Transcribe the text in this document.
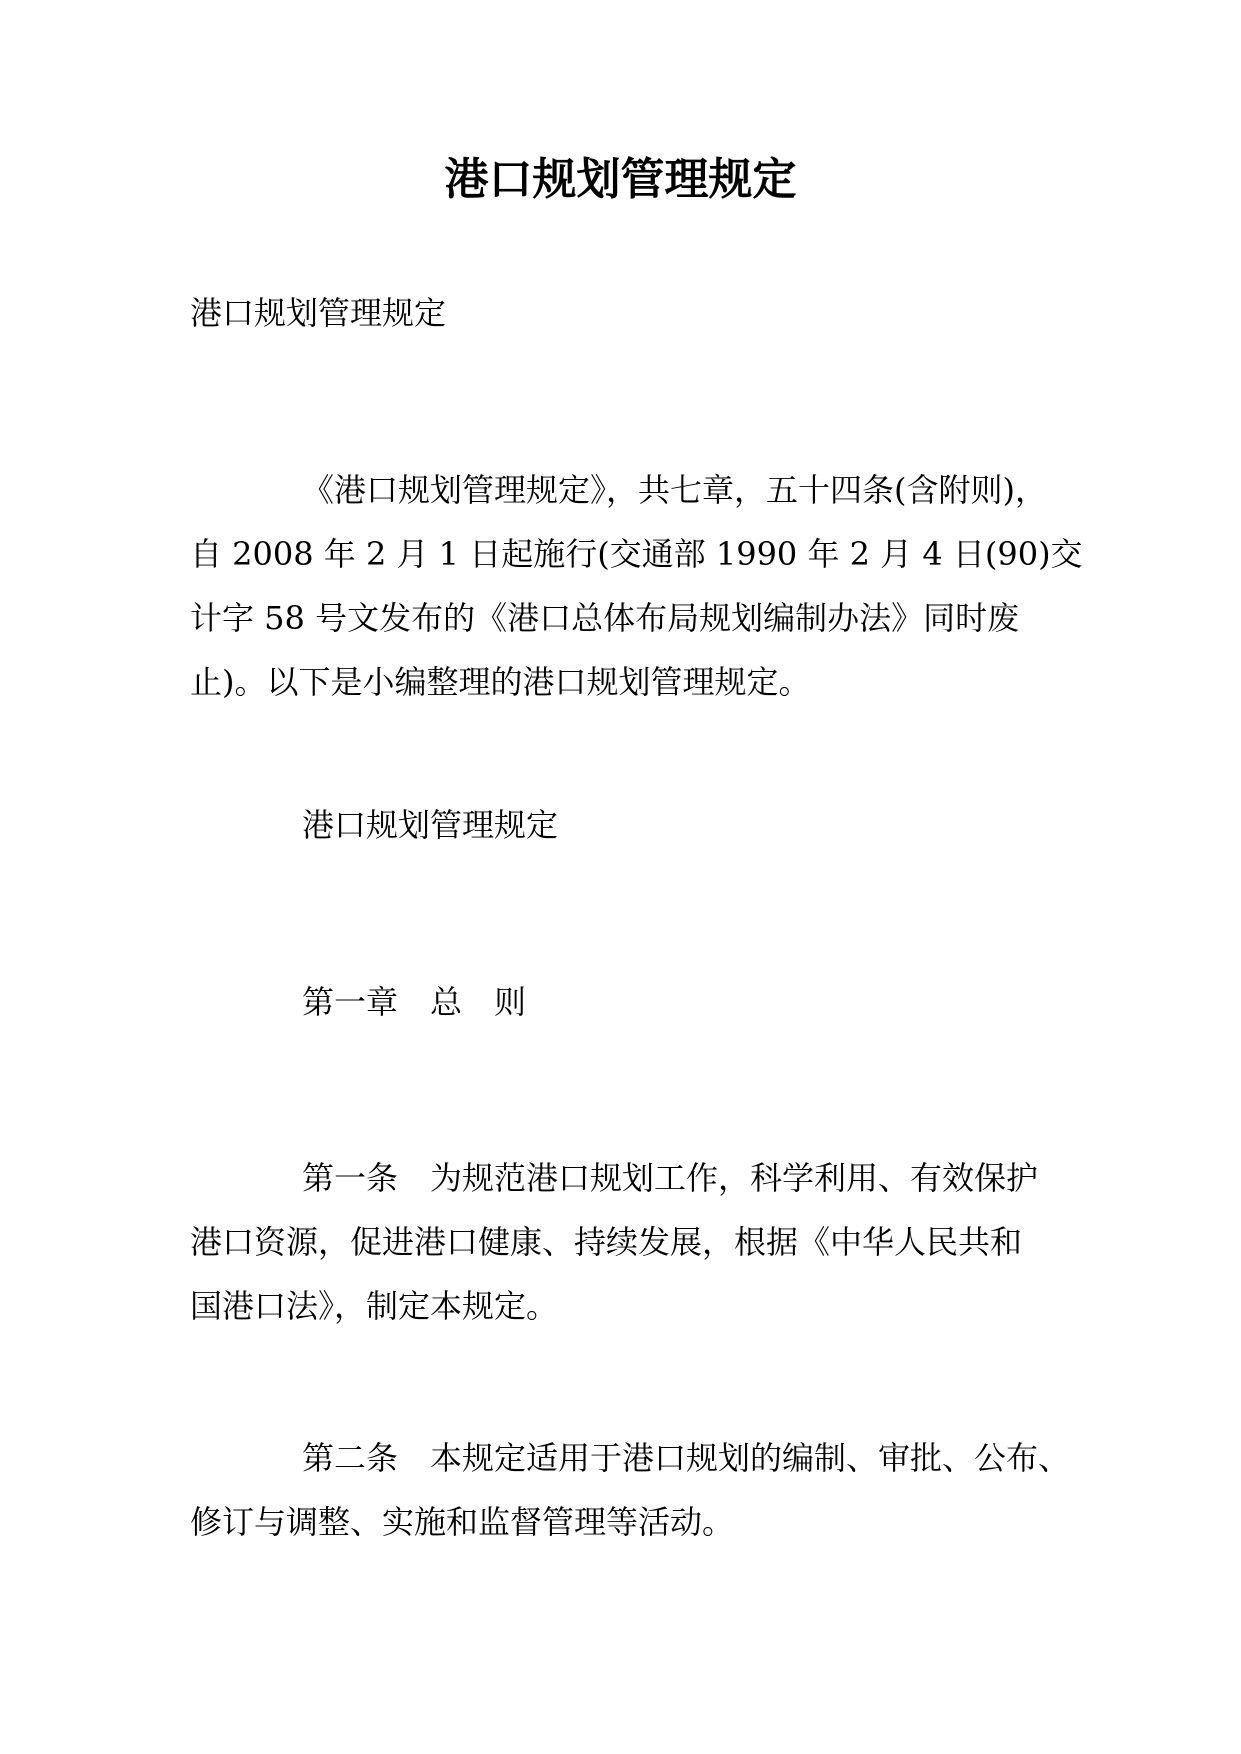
港口规划管理规定
港口规划管理规定
《港口规划管理规定》，共七章，五十四条(含附则)，
自 2008 年 2 月 1 日起施行(交通部 1990 年 2 月 4 日(90)交
计字 58 号文发布的《港口总体布局规划编制办法》同时废
止)。以下是小编整理的港口规划管理规定。
港口规划管理规定
第一章　总　则
第一条　为规范港口规划工作，科学利用、有效保护
港口资源，促进港口健康、持续发展，根据《中华人民共和
国港口法》，制定本规定。
第二条　本规定适用于港口规划的编制、审批、公布、
修订与调整、实施和监督管理等活动。
